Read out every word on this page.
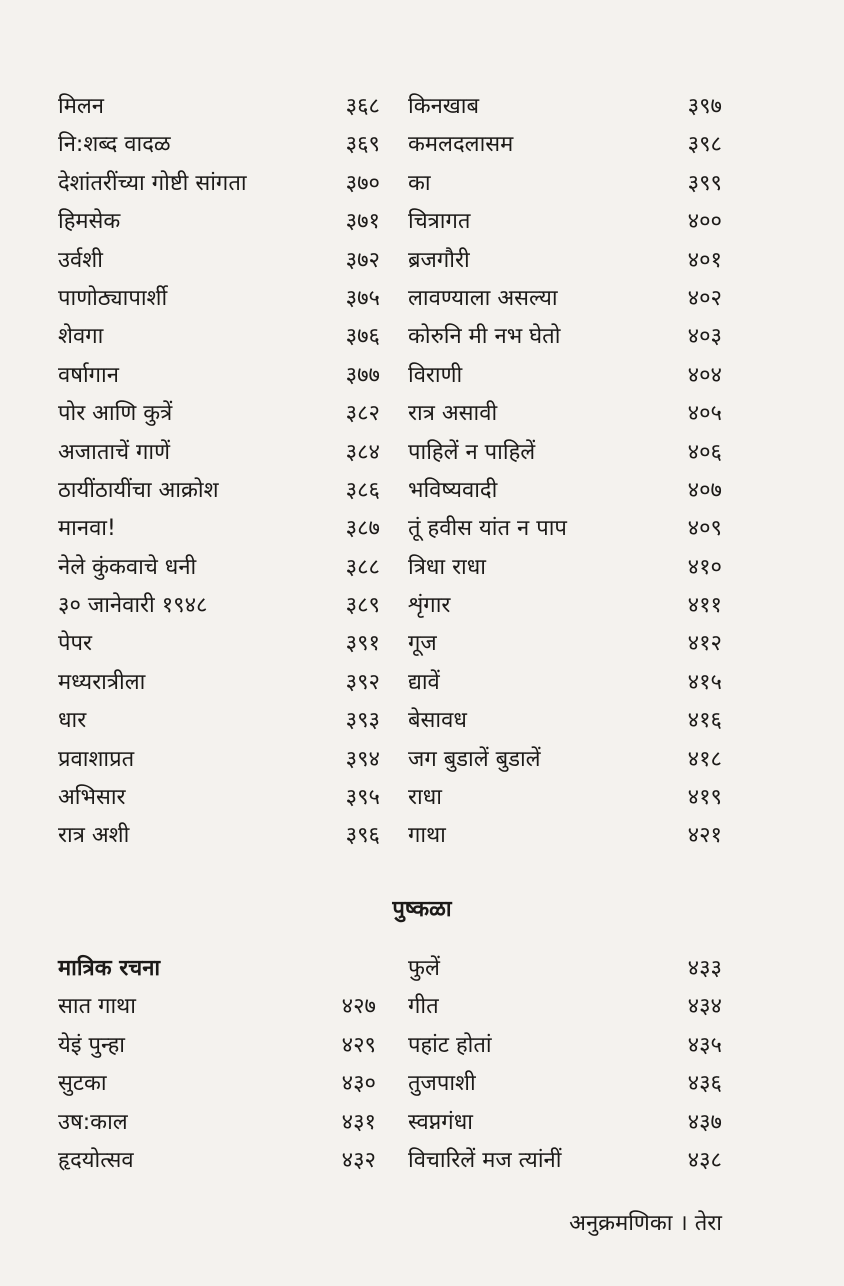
मिलन	३६८
नि:शब्द वादळ	३६९
देशांतरींच्या गोष्टी सांगता	३७०
हिमसेक	३७१
उर्वशी	३७२
पाणोठ्यापार्शी	३७५
शेवगा	३७६
वर्षागान	३७७
पोर आणि कुत्रें	३८२
अजाताचें गाणें	३८४
ठायींठायींचा आक्रोश	३८६
मानवा!	३८७
नेले कुंकवाचे धनी	३८८
३० जानेवारी १९४८	३८९
पेपर	३९१
मध्यरात्रीला	३९२
धार	३९३
प्रवाशाप्रत	३९४
अभिसार	३९५
रात्र अशी	३९६
किनखाब	३९७
कमलदलासम	३९८
का	३९९
चित्रागत	४००
ब्रजगौरी	४०१
लावण्याला असल्या	४०२
कोरुनि मी नभ घेतो	४०३
विराणी	४०४
रात्र असावी	४०५
पाहिलें न पाहिलें	४०६
भविष्यवादी	४०७
तूं हवीस यांत न पाप	४०९
त्रिधा राधा	४१०
शृंगार	४११
गूज	४१२
द्यावें	४१५
बेसावध	४१६
जग बुडालें बुडालें	४१८
राधा	४१९
गाथा	४२१
पुष्कळा
मात्रिक रचना
सात गाथा	४२७
येइं पुन्हा	४२९
सुटका	४३०
उष:काल	४३१
हृदयोत्सव	४३२
फुलें	४३३
गीत	४३४
पहांट होतां	४३५
तुजपाशी	४३६
स्वप्नगंधा	४३७
विचारिलें मज त्यांनीं	४३८
अनुक्रमणिका । तेरा
